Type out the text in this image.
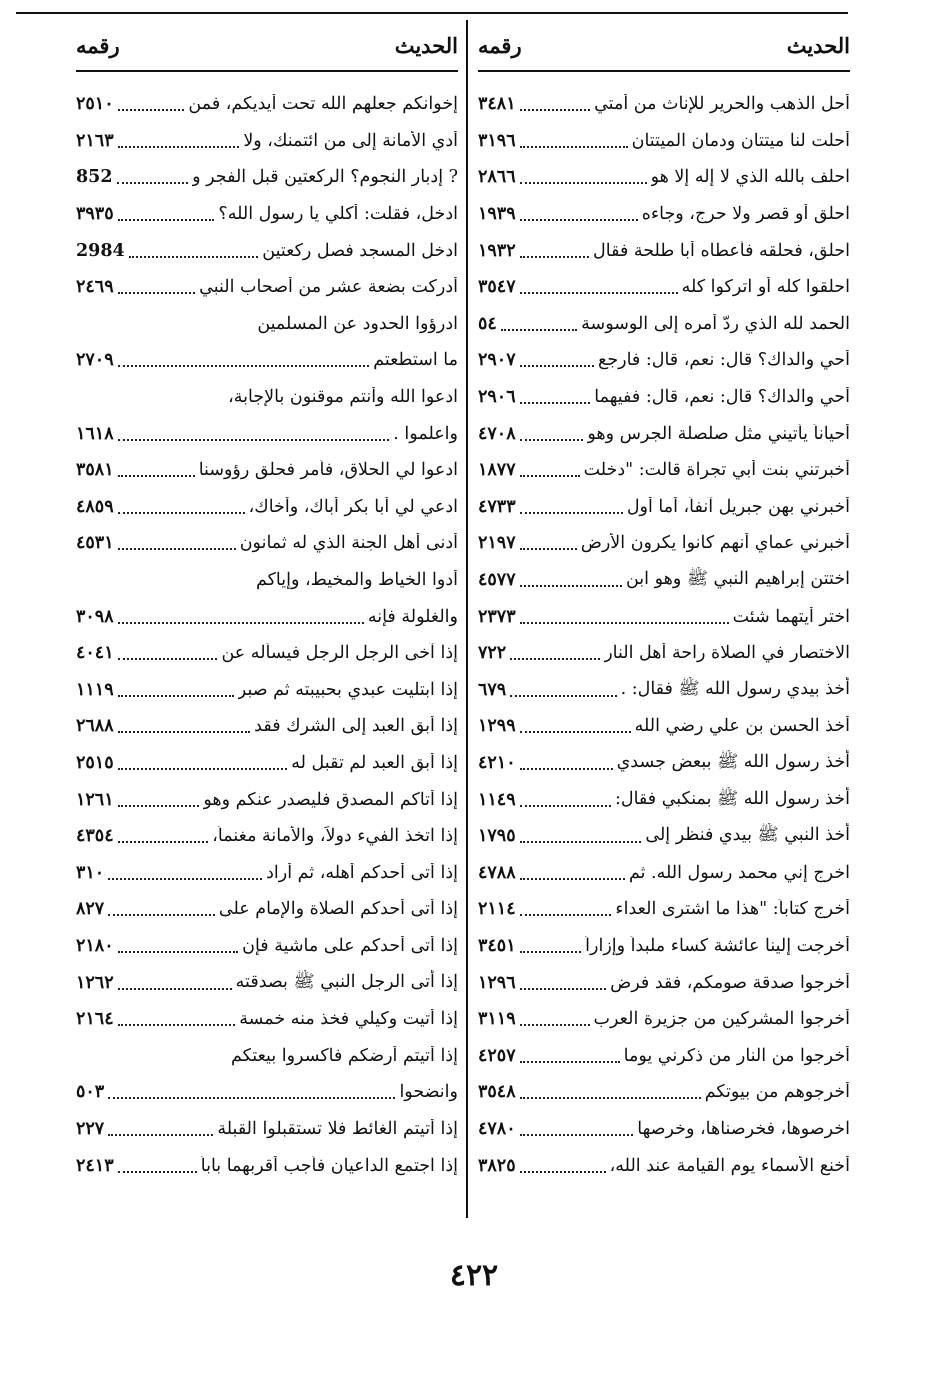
الحديث
رقمه
أحل الذهب والحرير للإناث من أمتي
٣٤٨١
أحلت لنا ميتتان ودمان الميتتان
٣١٩٦
احلف بالله الذي لا إله إلا هو
٢٨٦٦
احلق أو قصر ولا حرج، وجاءه
١٩٣٩
احلق، فحلقه فأعطاه أبا طلحة فقال
١٩٣٢
احلقوا كله أو اتركوا كله
٣٥٤٧
الحمد لله الذي ردّ أمره إلى الوسوسة
٥٤
أحي والداك؟ قال: نعم، قال: فارجع
٢٩٠٧
أحي والداك؟ قال: نعم، قال: ففيهما
٢٩٠٦
أحياناً يأتيني مثل صلصلة الجرس وهو
٤٧٠٨
أخبرتني بنت أبي تجراة قالت: "دخلت
١٨٧٧
أخبرني بهن جبريل آنفاً، أما أول
٤٧٣٣
أخبرني عماي أنهم كانوا يكرون الأرض
٢١٩٧
اختتن إبراهيم النبي ﷺ وهو ابن
٤٥٧٧
اختر أيتهما شئت
٢٣٧٣
الاختصار في الصلاة راحة أهل النار
٧٢٢
أخذ بيدي رسول الله ﷺ فقال: .
٦٧٩
أخذ الحسن بن علي رضي الله
١٢٩٩
أخذ رسول الله ﷺ ببعض جسدي
٤٢١٠
أخذ رسول الله ﷺ بمنكبي فقال:
١١٤٩
أخذ النبي ﷺ بيدي فنظر إلى
١٧٩٥
اخرج إني محمد رسول الله. ثم
٤٧٨٨
أخرج كتاباً: "هذا ما اشترى العداء
٢١١٤
أخرجت إلينا عائشة كساء ملبداً وإزاراً
٣٤٥١
أخرجوا صدقة صومكم، فقد فرض
١٢٩٦
أخرجوا المشركين من جزيرة العرب
٣١١٩
أخرجوا من النار من ذكرني يوما
٤٢٥٧
أخرجوهم من بيوتكم
٣٥٤٨
اخرصوها، فخرصناها، وخرصها
٤٧٨٠
أخنع الأسماء يوم القيامة عند الله،
٣٨٢٥
الحديث
رقمه
إخوانكم جعلهم الله تحت أيديكم، فمن
٢٥١٠
أدي الأمانة إلى من ائتمنك، ولا
٢١٦٣
? إدبار النجوم؟ الركعتين قبل الفجر و
852
ادخل، فقلت: أكلي يا رسول الله؟
٣٩٣٥
ادخل المسجد فصل ركعتين
2984
أدركت بضعة عشر من أصحاب النبي
٢٤٦٩
ادرؤوا الحدود عن المسلمين
ما استطعتم
٢٧٠٩
ادعوا الله وأنتم موقنون بالإجابة،
واعلموا .
١٦١٨
ادعوا لي الحلاق، فأمر فحلق رؤوسنا
٣٥٨١
ادعي لي أبا بكر أباك، وأخاك،
٤٨٥٩
أدنى أهل الجنة الذي له ثمانون
٤٥٣١
أدوا الخياط والمخيط، وإياكم
والغلولة فإنه
٣٠٩٨
إذا آخى الرجل الرجل فيسأله عن
٤٠٤١
إذا ابتليت عبدي بحبيبته ثم صبر
١١١٩
إذا أبق العبد إلى الشرك فقد
٢٦٨٨
إذا أبق العبد لم تقبل له
٢٥١٥
إذا أتاكم المصدق فليصدر عنكم وهو
١٢٦١
إذا اتخذ الفيء دولاً، والأمانة مغنماً،
٤٣٥٤
إذا أتى أحدكم أهله، ثم أراد
٣١٠
إذا أتى أحدكم الصلاة والإمام على
٨٢٧
إذا أتى أحدكم على ماشية فإن
٢١٨٠
إذا أتى الرجل النبي ﷺ بصدقته
١٢٦٢
إذا أتيت وكيلي فخذ منه خمسة
٢١٦٤
إذا أتيتم أرضكم فاكسروا بيعتكم
وانضحوا
٥٠٣
إذا أتيتم الغائط فلا تستقبلوا القبلة
٢٢٧
إذا اجتمع الداعيان فأجب أقربهما باباً
٢٤١٣
٤٢٢
